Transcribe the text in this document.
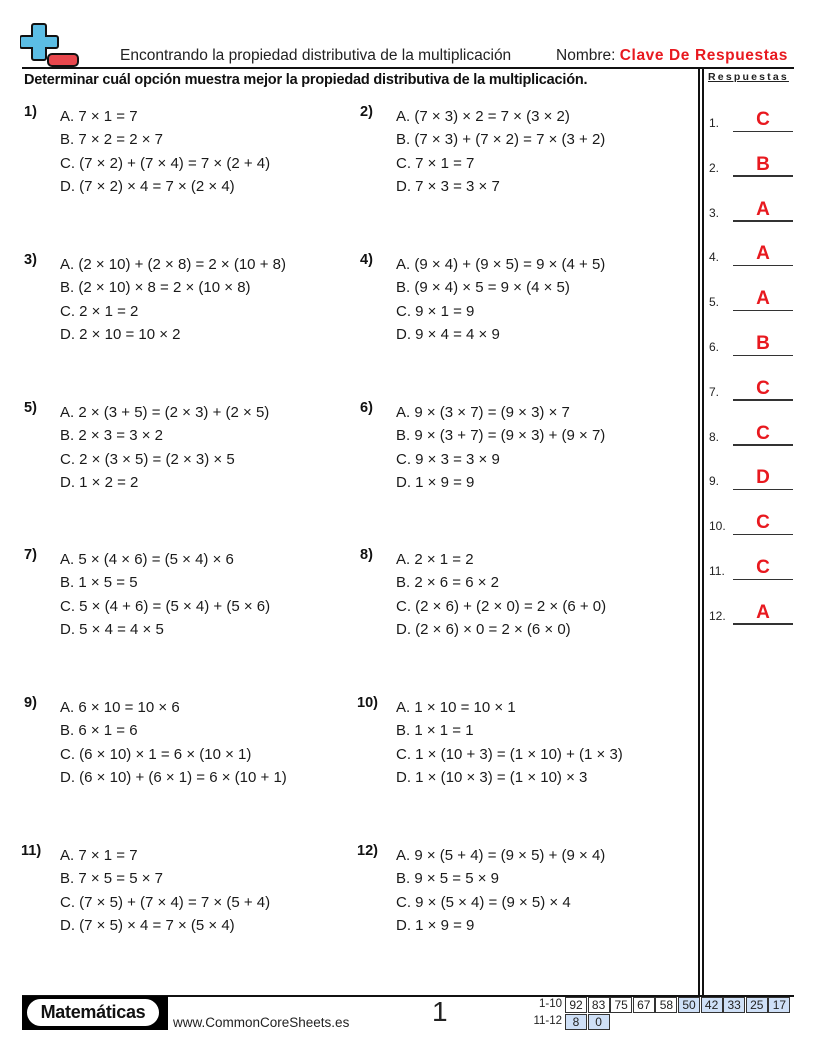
Encontrando la propiedad distributiva de la multiplicación	Nombre: Clave De Respuestas
Determinar cuál opción muestra mejor la propiedad distributiva de la multiplicación.	Respuestas
1.	C
2.	B
3.	A
4.	A
5.	A
6.	B
7.	C
8.	C
9.	D
10.	C
11.	C
12.	A
1) A. 7 × 1 = 7
B. 7 × 2 = 2 × 7
C. (7 × 2) + (7 × 4) = 7 × (2 + 4)
D. (7 × 2) × 4 = 7 × (2 × 4)
2) A. (7 × 3) × 2 = 7 × (3 × 2)
B. (7 × 3) + (7 × 2) = 7 × (3 + 2)
C. 7 × 1 = 7
D. 7 × 3 = 3 × 7
3) A. (2 × 10) + (2 × 8) = 2 × (10 + 8)
B. (2 × 10) × 8 = 2 × (10 × 8)
C. 2 × 1 = 2
D. 2 × 10 = 10 × 2
4) A. (9 × 4) + (9 × 5) = 9 × (4 + 5)
B. (9 × 4) × 5 = 9 × (4 × 5)
C. 9 × 1 = 9
D. 9 × 4 = 4 × 9
5) A. 2 × (3 + 5) = (2 × 3) + (2 × 5)
B. 2 × 3 = 3 × 2
C. 2 × (3 × 5) = (2 × 3) × 5
D. 1 × 2 = 2
6) A. 9 × (3 × 7) = (9 × 3) × 7
B. 9 × (3 + 7) = (9 × 3) + (9 × 7)
C. 9 × 3 = 3 × 9
D. 1 × 9 = 9
7) A. 5 × (4 × 6) = (5 × 4) × 6
B. 1 × 5 = 5
C. 5 × (4 + 6) = (5 × 4) + (5 × 6)
D. 5 × 4 = 4 × 5
8) A. 2 × 1 = 2
B. 2 × 6 = 6 × 2
C. (2 × 6) + (2 × 0) = 2 × (6 + 0)
D. (2 × 6) × 0 = 2 × (6 × 0)
9) A. 6 × 10 = 10 × 6
B. 6 × 1 = 6
C. (6 × 10) × 1 = 6 × (10 × 1)
D. (6 × 10) + (6 × 1) = 6 × (10 + 1)
10) A. 1 × 10 = 10 × 1
B. 1 × 1 = 1
C. 1 × (10 + 3) = (1 × 10) + (1 × 3)
D. 1 × (10 × 3) = (1 × 10) × 3
11) A. 7 × 1 = 7
B. 7 × 5 = 5 × 7
C. (7 × 5) + (7 × 4) = 7 × (5 + 4)
D. (7 × 5) × 4 = 7 × (5 × 4)
12) A. 9 × (5 + 4) = (9 × 5) + (9 × 4)
B. 9 × 5 = 5 × 9
C. 9 × (5 × 4) = (9 × 5) × 4
D. 1 × 9 = 9
Matemáticas
www.CommonCoreSheets.es	1	1-10 92 83 75 67 58 50 42 33 25 17
11-12 8	0
